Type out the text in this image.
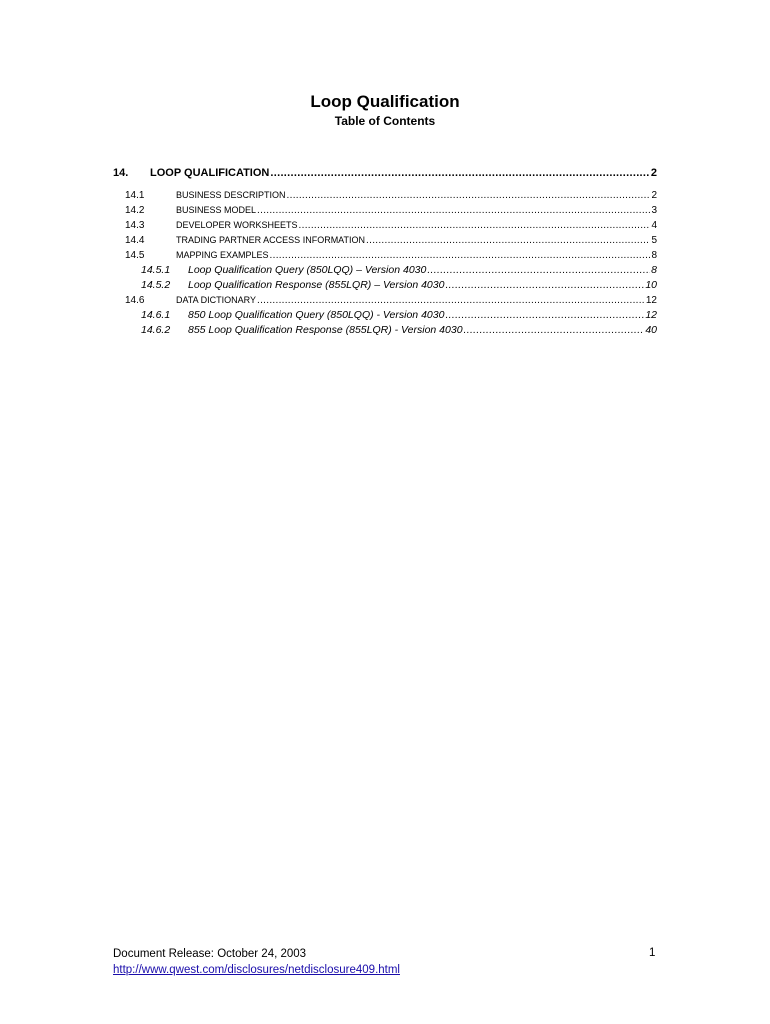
Loop Qualification
Table of Contents
14.	LOOP QUALIFICATION .....	2
14.1	BUSINESS DESCRIPTION .....	2
14.2	BUSINESS MODEL .....	3
14.3	DEVELOPER WORKSHEETS .....	4
14.4	TRADING PARTNER ACCESS INFORMATION .....	5
14.5	MAPPING EXAMPLES .....	8
14.5.1	Loop Qualification Query (850LQQ) – Version 4030 .....	8
14.5.2	Loop Qualification Response (855LQR) – Version 4030 .....	10
14.6	DATA DICTIONARY .....	12
14.6.1	850 Loop Qualification Query (850LQQ) - Version 4030 .....	12
14.6.2	855 Loop Qualification Response (855LQR) - Version 4030 .....	40
Document Release: October 24, 2003
http://www.qwest.com/disclosures/netdisclosure409.html
1
